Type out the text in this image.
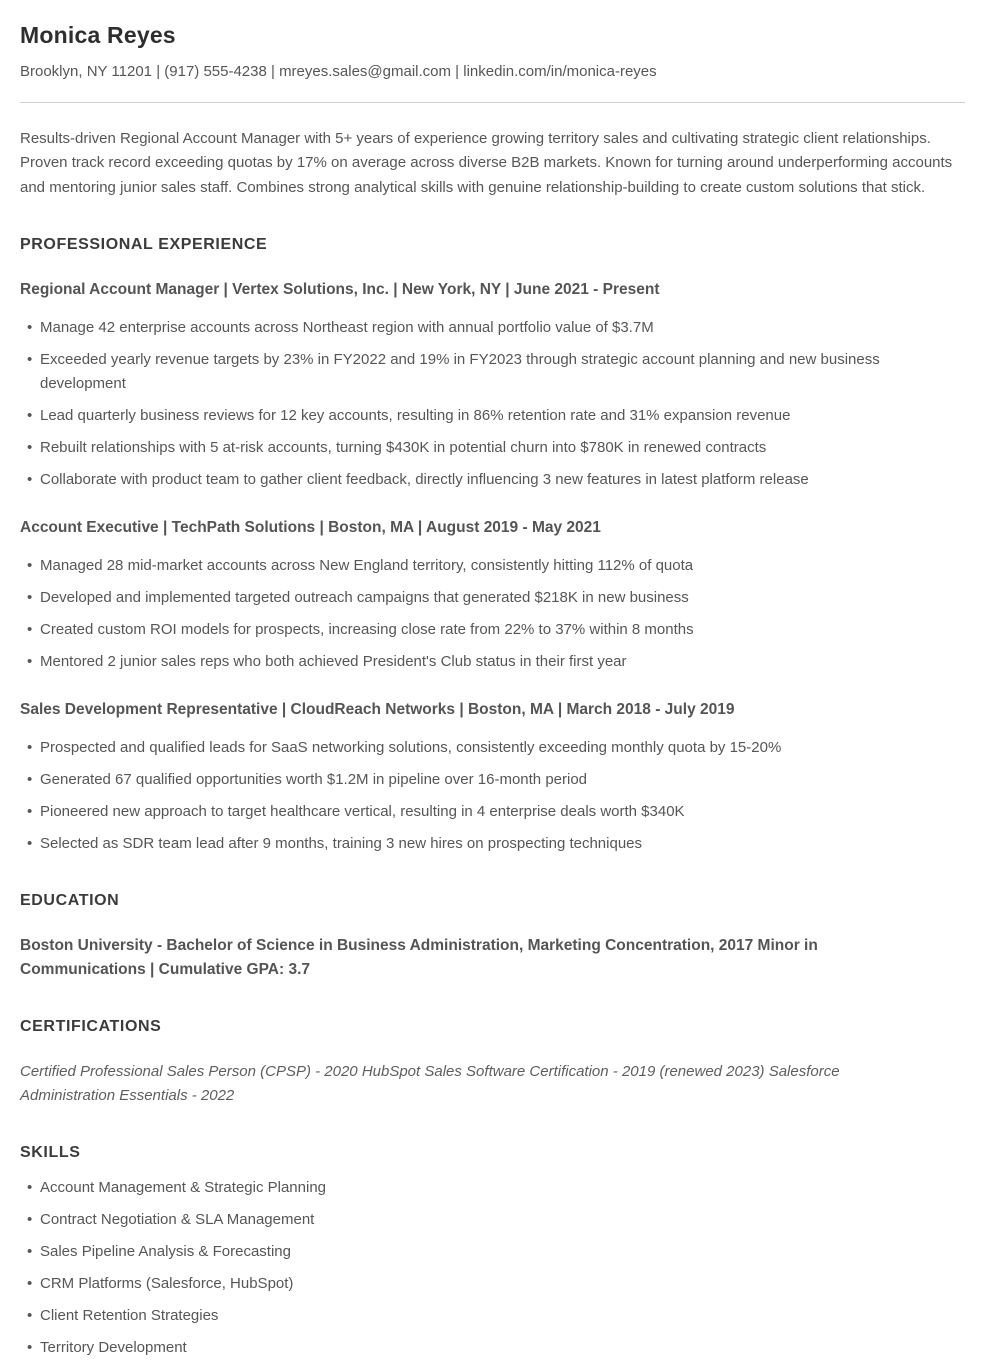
Monica Reyes

Brooklyn, NY 11201 | (917) 555-4238 | mreyes.sales@gmail.com | linkedin.com/in/monica-reyes

Results-driven Regional Account Manager with 5+ years of experience growing territory sales and cultivating strategic client relationships. Proven track record exceeding quotas by 17% on average across diverse B2B markets. Known for turning around underperforming accounts and mentoring junior sales staff. Combines strong analytical skills with genuine relationship-building to create custom solutions that stick.

PROFESSIONAL EXPERIENCE
Regional Account Manager | Vertex Solutions, Inc. | New York, NY | June 2021 - Present
• Manage 42 enterprise accounts across Northeast region with annual portfolio value of $3.7M
• Exceeded yearly revenue targets by 23% in FY2022 and 19% in FY2023 through strategic account planning and new business development
• Lead quarterly business reviews for 12 key accounts, resulting in 86% retention rate and 31% expansion revenue
• Rebuilt relationships with 5 at-risk accounts, turning $430K in potential churn into $780K in renewed contracts
• Collaborate with product team to gather client feedback, directly influencing 3 new features in latest platform release
Account Executive | TechPath Solutions | Boston, MA | August 2019 - May 2021
• Managed 28 mid-market accounts across New England territory, consistently hitting 112% of quota
• Developed and implemented targeted outreach campaigns that generated $218K in new business
• Created custom ROI models for prospects, increasing close rate from 22% to 37% within 8 months
• Mentored 2 junior sales reps who both achieved President's Club status in their first year
Sales Development Representative | CloudReach Networks | Boston, MA | March 2018 - July 2019
• Prospected and qualified leads for SaaS networking solutions, consistently exceeding monthly quota by 15-20%
• Generated 67 qualified opportunities worth $1.2M in pipeline over 16-month period
• Pioneered new approach to target healthcare vertical, resulting in 4 enterprise deals worth $340K
• Selected as SDR team lead after 9 months, training 3 new hires on prospecting techniques
EDUCATION

Boston University - Bachelor of Science in Business Administration, Marketing Concentration, 2017 Minor in Communications | Cumulative GPA: 3.7

CERTIFICATIONS

Certified Professional Sales Person (CPSP) - 2020 HubSpot Sales Software Certification - 2019 (renewed 2023) Salesforce Administration Essentials - 2022

SKILLS
• Account Management & Strategic Planning
• Contract Negotiation & SLA Management
• Sales Pipeline Analysis & Forecasting
• CRM Platforms (Salesforce, HubSpot)
• Client Retention Strategies
• Territory Development
